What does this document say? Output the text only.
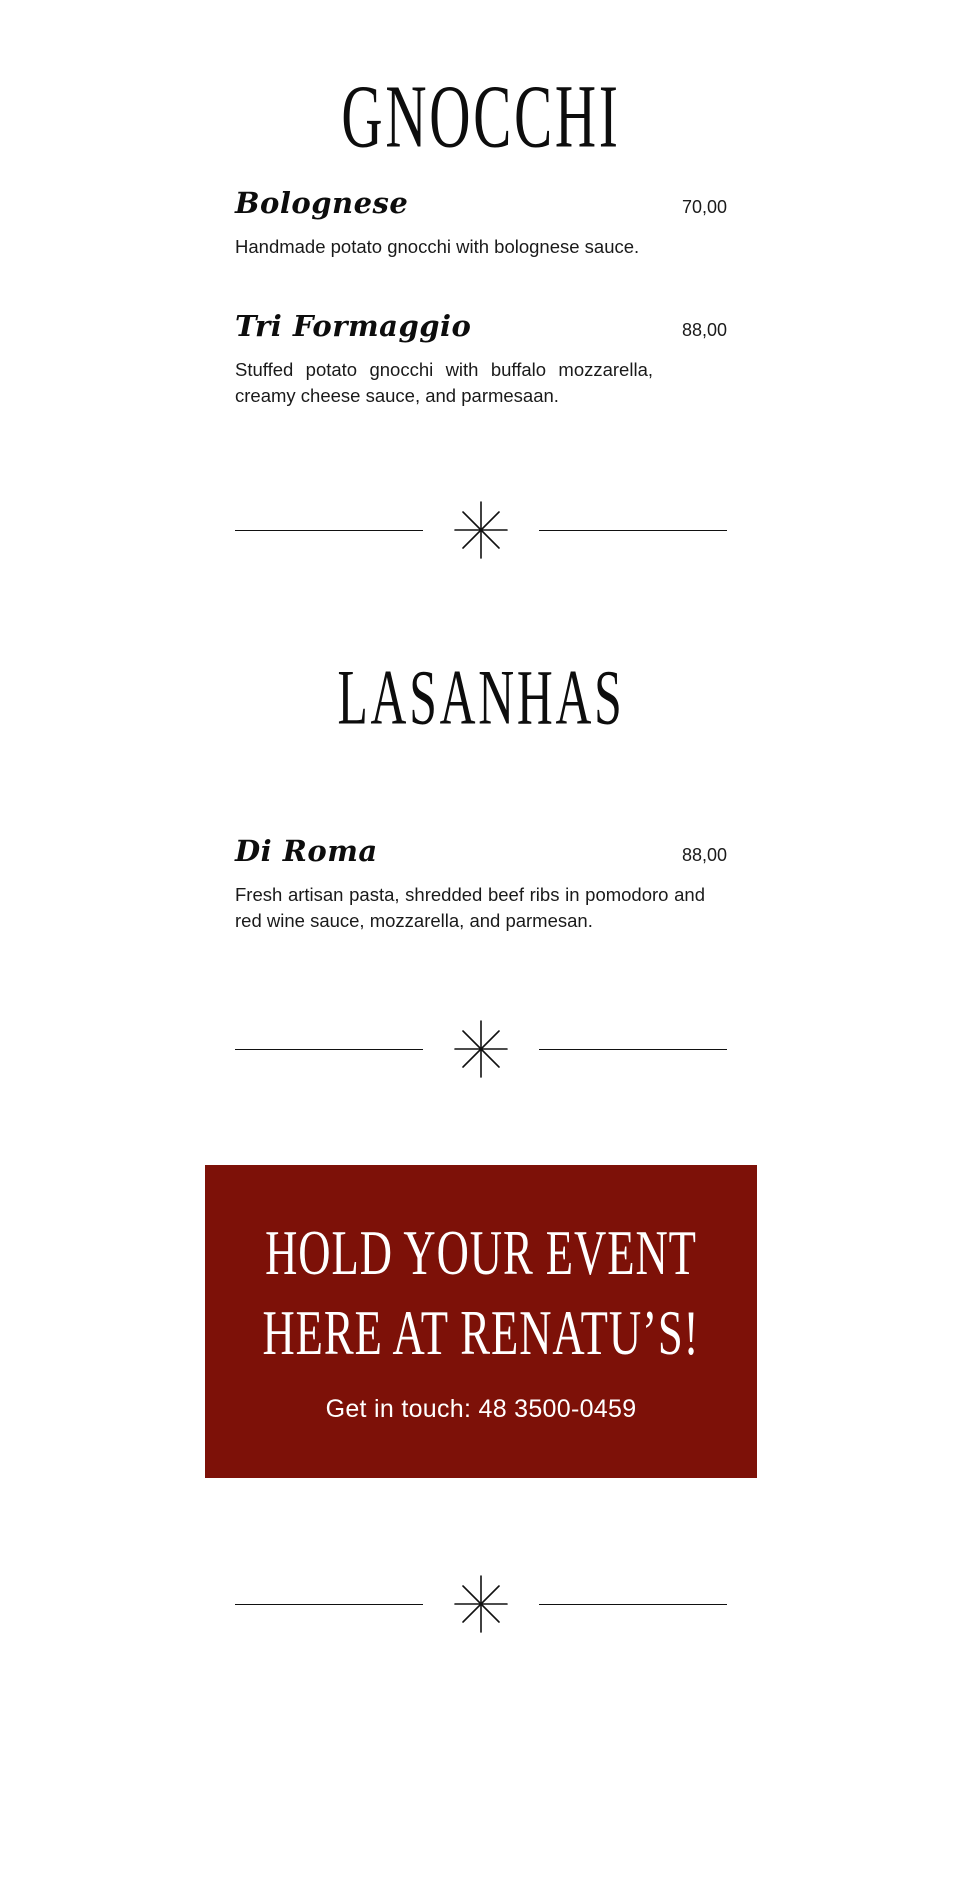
GNOCCHI
Bolognese	70,00
Handmade potato gnocchi with bolognese sauce.
Tri Formaggio	88,00
Stuffed potato gnocchi with buffalo mozzarella, creamy cheese sauce, and parmesaan.
LASANHAS
Di Roma	88,00
Fresh artisan pasta, shredded beef ribs in pomodoro and red wine sauce, mozzarella, and parmesan.
HOLD YOUR EVENT
HERE AT RENATU’S!
Get in touch: 48 3500-0459
